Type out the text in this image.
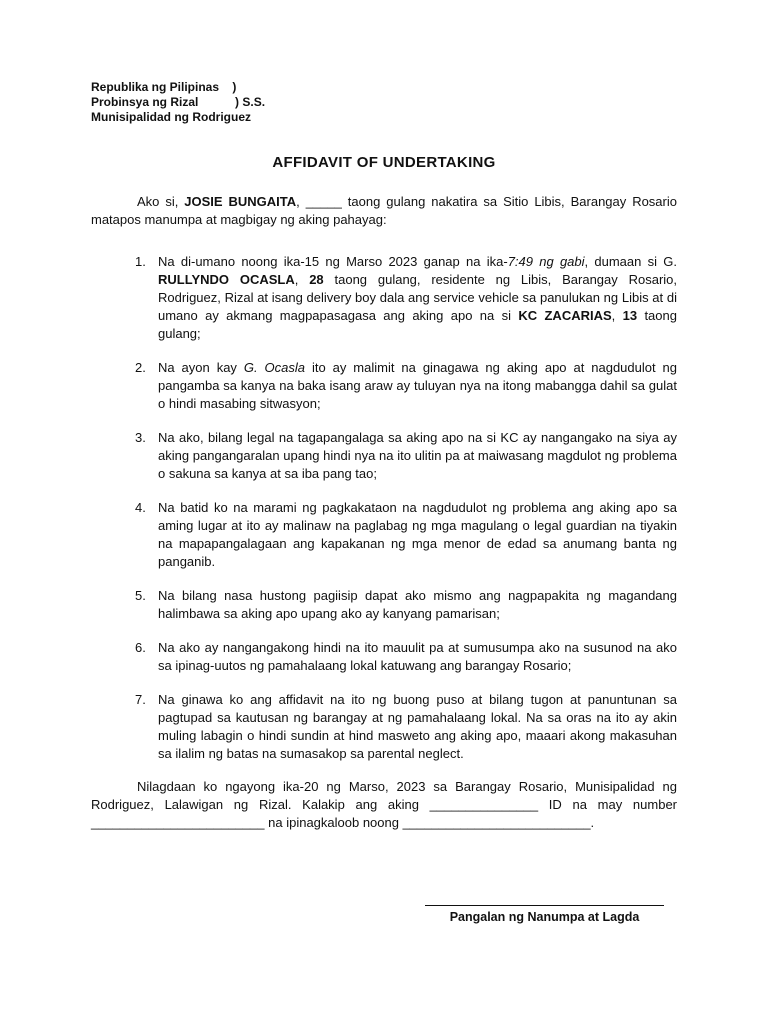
Republika ng Pilipinas    )
Probinsya ng Rizal           ) S.S.
Munisipalidad ng Rodriguez
AFFIDAVIT OF UNDERTAKING

Ako si, JOSIE BUNGAITA, _____ taong gulang nakatira sa Sitio Libis, Barangay Rosario matapos manumpa at magbigay ng aking pahayag:

1. Na di-umano noong ika-15 ng Marso 2023 ganap na ika-7:49 ng gabi, dumaan si G. RULLYNDO OCASLA, 28 taong gulang, residente ng Libis, Barangay Rosario, Rodriguez, Rizal at isang delivery boy dala ang service vehicle sa panulukan ng Libis at di umano ay akmang magpapasagasa ang aking apo na si KC ZACARIAS, 13 taong gulang;
2. Na ayon kay G. Ocasla ito ay malimit na ginagawa ng aking apo at nagdudulot ng pangamba sa kanya na baka isang araw ay tuluyan nya na itong mabangga dahil sa gulat o hindi masabing sitwasyon;
3. Na ako, bilang legal na tagapangalaga sa aking apo na si KC ay nangangako na siya ay aking pangangaralan upang hindi nya na ito ulitin pa at maiwasang magdulot ng problema o sakuna sa kanya at sa iba pang tao;
4. Na batid ko na marami ng pagkakataon na nagdudulot ng problema ang aking apo sa aming lugar at ito ay malinaw na paglabag ng mga magulang o legal guardian na tiyakin na mapapangalagaan ang kapakanan ng mga menor de edad sa anumang banta ng panganib.
5. Na bilang nasa hustong pagiisip dapat ako mismo ang nagpapakita ng magandang halimbawa sa aking apo upang ako ay kanyang pamarisan;
6. Na ako ay nangangakong hindi na ito mauulit pa at sumusumpa ako na susunod na ako sa ipinag-uutos ng pamahalaang lokal katuwang ang barangay Rosario;
7. Na ginawa ko ang affidavit na ito ng buong puso at bilang tugon at panuntunan sa pagtupad sa kautusan ng barangay at ng pamahalaang lokal. Na sa oras na ito ay akin muling labagin o hindi sundin at hind masweto ang aking apo, maaari akong makasuhan sa ilalim ng batas na sumasakop sa parental neglect.

Nilagdaan ko ngayong ika-20 ng Marso, 2023 sa Barangay Rosario, Munisipalidad ng Rodriguez, Lalawigan ng Rizal. Kalakip ang aking _______________ ID na may number ________________________ na ipinagkaloob noong __________________________.

Pangalan ng Nanumpa at Lagda
